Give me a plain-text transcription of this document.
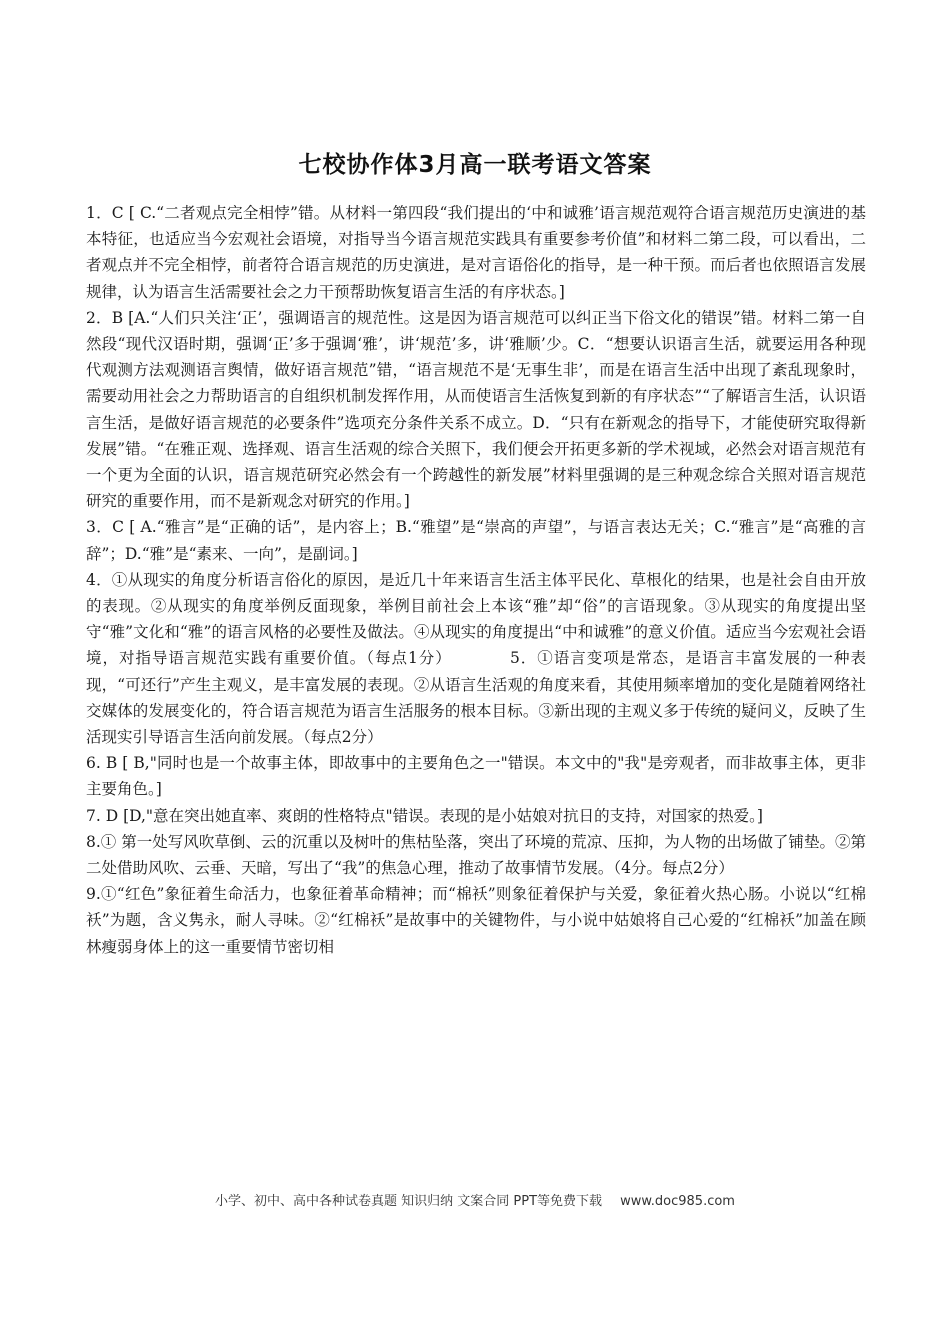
七校协作体3月高一联考语文答案

1．C [ C.“二者观点完全相悖”错。从材料一第四段“我们提出的‘中和诚雅’语言规范观符合语言规范历史演进的基本特征，也适应当今宏观社会语境，对指导当今语言规范实践具有重要参考价值”和材料二第二段，可以看出，二者观点并不完全相悖，前者符合语言规范的历史演进，是对言语俗化的指导，是一种干预。而后者也依照语言发展规律，认为语言生活需要社会之力干预帮助恢复语言生活的有序状态。]

2．B [A.“人们只关注‘正’，强调语言的规范性。这是因为语言规范可以纠正当下俗文化的错误”错。材料二第一自然段“现代汉语时期，强调‘正’多于强调‘雅’，讲‘规范’多，讲‘雅顺’少。C．“想要认识语言生活，就要运用各种现代观测方法观测语言舆情，做好语言规范”错，“语言规范不是‘无事生非’，而是在语言生活中出现了紊乱现象时，需要动用社会之力帮助语言的自组织机制发挥作用，从而使语言生活恢复到新的有序状态”“了解语言生活，认识语言生活，是做好语言规范的必要条件”选项充分条件关系不成立。D．“只有在新观念的指导下，才能使研究取得新发展”错。“在雅正观、选择观、语言生活观的综合关照下，我们便会开拓更多新的学术视域，必然会对语言规范有一个更为全面的认识，语言规范研究必然会有一个跨越性的新发展”材料里强调的是三种观念综合关照对语言规范研究的重要作用，而不是新观念对研究的作用。]

3．C [ A.“雅言”是“正确的话”，是内容上；B.“雅望”是“崇高的声望”，与语言表达无关；C.“雅言”是“高雅的言辞”；D.“雅”是“素来、一向”，是副词。]

4．①从现实的角度分析语言俗化的原因，是近几十年来语言生活主体平民化、草根化的结果，也是社会自由开放的表现。②从现实的角度举例反面现象，举例目前社会上本该“雅”却“俗”的言语现象。③从现实的角度提出坚守“雅”文化和“雅”的语言风格的必要性及做法。④从现实的角度提出“中和诚雅”的意义价值。适应当今宏观社会语境，对指导语言规范实践有重要价值。（每点1分）　　　　5．①语言变项是常态，是语言丰富发展的一种表现，“可还行”产生主观义，是丰富发展的表现。②从语言生活观的角度来看，其使用频率增加的变化是随着网络社交媒体的发展变化的，符合语言规范为语言生活服务的根本目标。③新出现的主观义多于传统的疑问义，反映了生活现实引导语言生活向前发展。（每点2分）

6. B [ B,"同时也是一个故事主体，即故事中的主要角色之一"错误。本文中的"我"是旁观者，而非故事主体，更非主要角色。]

7. D [D,"意在突出她直率、爽朗的性格特点"错误。表现的是小姑娘对抗日的支持，对国家的热爱。]

8.① 第一处写风吹草倒、云的沉重以及树叶的焦枯坠落，突出了环境的荒凉、压抑，为人物的出场做了铺垫。②第二处借助风吹、云垂、天暗，写出了“我”的焦急心理，推动了故事情节发展。（4分。每点2分）

9.①“红色”象征着生命活力，也象征着革命精神；而“棉袄”则象征着保护与关爱，象征着火热心肠。小说以“红棉袄”为题，含义隽永，耐人寻味。②“红棉袄”是故事中的关键物件，与小说中姑娘将自己心爱的“红棉袄”加盖在顾林瘦弱身体上的这一重要情节密切相

小学、初中、高中各种试卷真题 知识归纳 文案合同 PPT等免费下载 www.doc985.com
